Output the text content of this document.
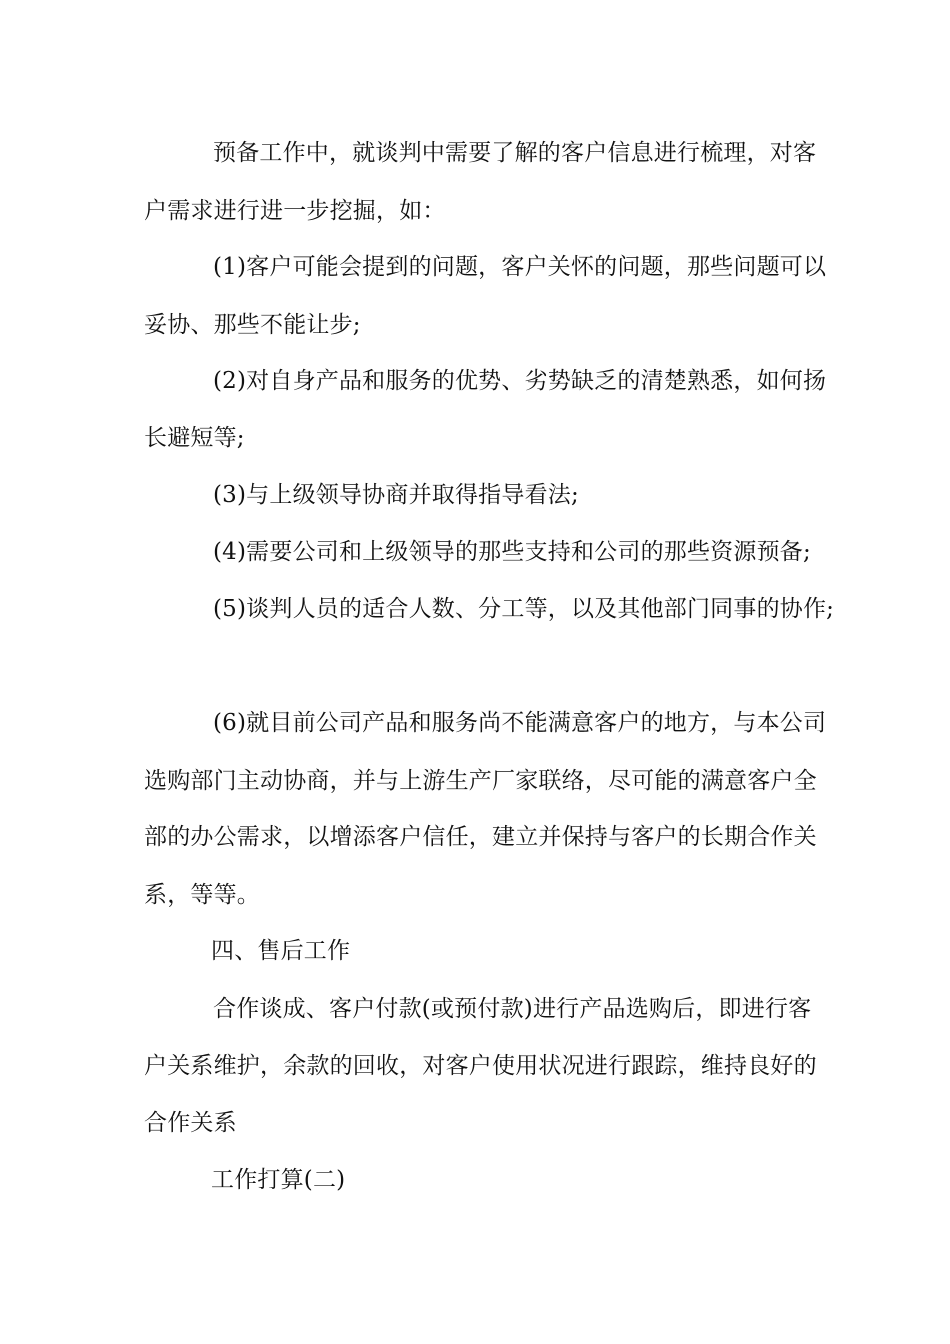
预备工作中，就谈判中需要了解的客户信息进行梳理，对客
户需求进行进一步挖掘，如：
(1)客户可能会提到的问题，客户关怀的问题，那些问题可以
妥协、那些不能让步;
(2)对自身产品和服务的优势、劣势缺乏的清楚熟悉，如何扬
长避短等;
(3)与上级领导协商并取得指导看法;
(4)需要公司和上级领导的那些支持和公司的那些资源预备;
(5)谈判人员的适合人数、分工等，以及其他部门同事的协作;
(6)就目前公司产品和服务尚不能满意客户的地方，与本公司
选购部门主动协商，并与上游生产厂家联络，尽可能的满意客户全
部的办公需求，以增添客户信任，建立并保持与客户的长期合作关
系，等等。
四、售后工作
合作谈成、客户付款(或预付款)进行产品选购后，即进行客
户关系维护，余款的回收，对客户使用状况进行跟踪，维持良好的
合作关系
工作打算(二)
